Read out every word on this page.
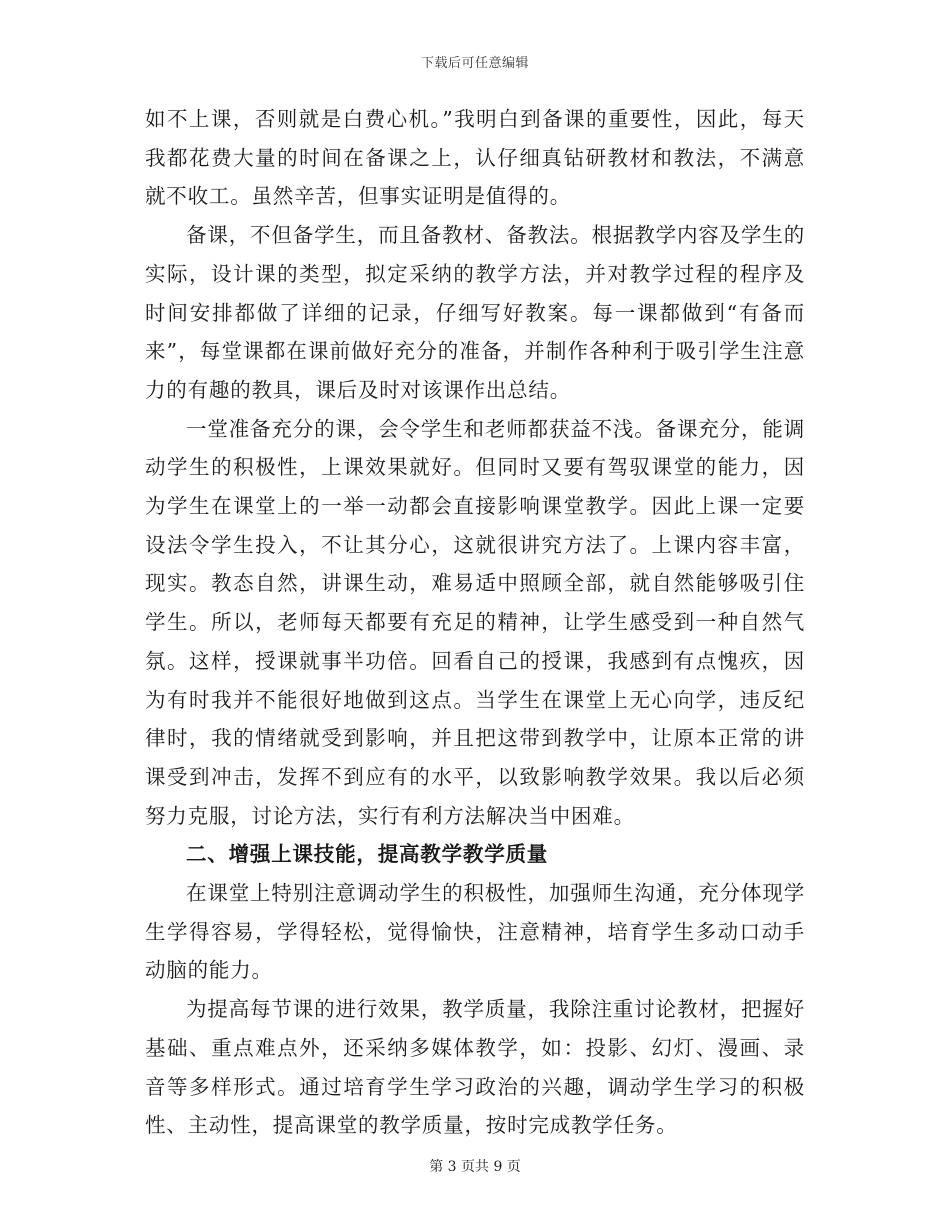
下载后可任意编辑

如不上课，否则就是白费心机。”我明白到备课的重要性，因此，每天我都花费大量的时间在备课之上，认仔细真钻研教材和教法，不满意就不收工。虽然辛苦，但事实证明是值得的。

备课，不但备学生，而且备教材、备教法。根据教学内容及学生的实际，设计课的类型，拟定采纳的教学方法，并对教学过程的程序及时间安排都做了详细的记录，仔细写好教案。每一课都做到“有备而来”，每堂课都在课前做好充分的准备，并制作各种利于吸引学生注意力的有趣的教具，课后及时对该课作出总结。

一堂准备充分的课，会令学生和老师都获益不浅。备课充分，能调动学生的积极性，上课效果就好。但同时又要有驾驭课堂的能力，因为学生在课堂上的一举一动都会直接影响课堂教学。因此上课一定要设法令学生投入，不让其分心，这就很讲究方法了。上课内容丰富，现实。教态自然，讲课生动，难易适中照顾全部，就自然能够吸引住学生。所以，老师每天都要有充足的精神，让学生感受到一种自然气氛。这样，授课就事半功倍。回看自己的授课，我感到有点愧疚，因为有时我并不能很好地做到这点。当学生在课堂上无心向学，违反纪律时，我的情绪就受到影响，并且把这带到教学中，让原本正常的讲课受到冲击，发挥不到应有的水平，以致影响教学效果。我以后必须努力克服，讨论方法，实行有利方法解决当中困难。

二、增强上课技能，提高教学教学质量

在课堂上特别注意调动学生的积极性，加强师生沟通，充分体现学生学得容易，学得轻松，觉得愉快，注意精神，培育学生多动口动手动脑的能力。

为提高每节课的进行效果，教学质量，我除注重讨论教材，把握好基础、重点难点外，还采纳多媒体教学，如：投影、幻灯、漫画、录音等多样形式。通过培育学生学习政治的兴趣，调动学生学习的积极性、主动性，提高课堂的教学质量，按时完成教学任务。

第 3 页共 9 页
